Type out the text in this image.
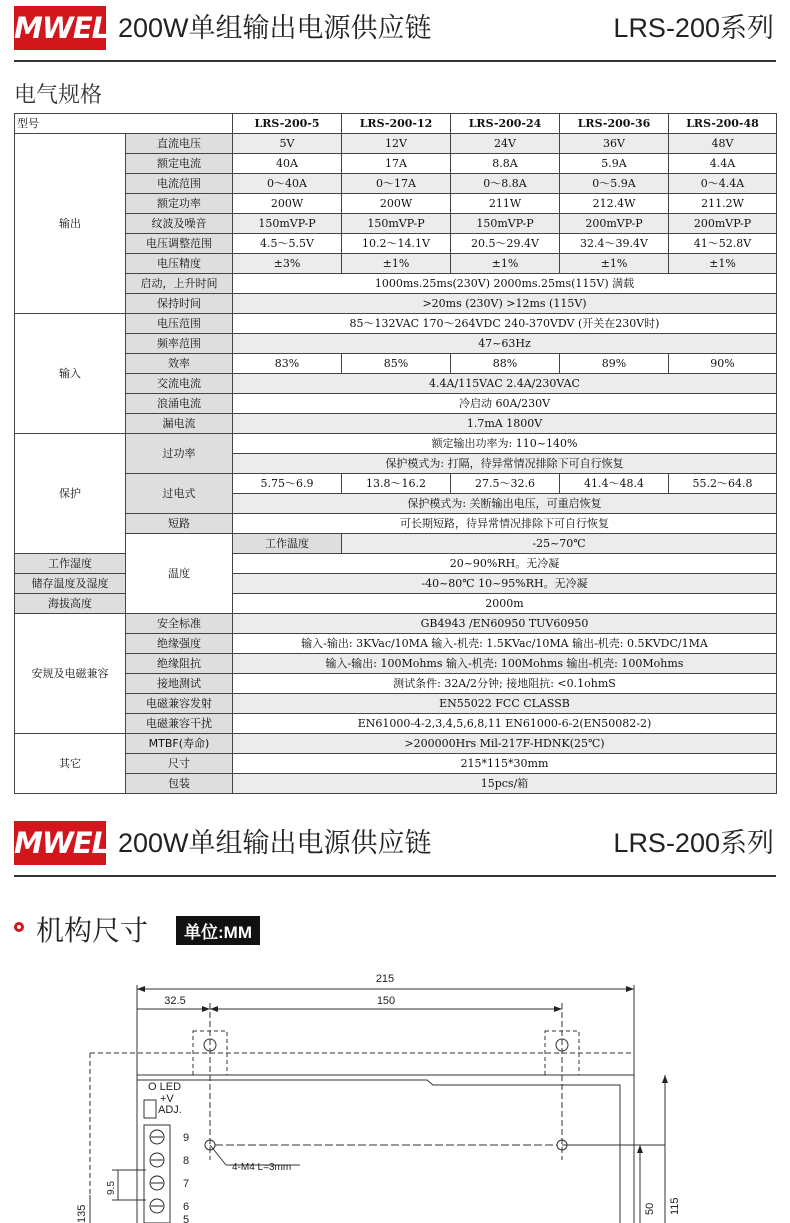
MWEL 200W单组输出电源供应链	LRS-200系列
电气规格
型号		LRS-200-5	LRS-200-12	LRS-200-24	LRS-200-36	LRS-200-48
输出	直流电压	5V	12V	24V	36V	48V
	额定电流	40A	17A	8.8A	5.9A	4.4A
	电流范围	0～40A	0～17A	0～8.8A	0～5.9A	0～4.4A
	额定功率	200W	200W	211W	212.4W	211.2W
	纹波及噪音	150mVP-P	150mVP-P	150mVP-P	200mVP-P	200mVP-P
	电压调整范围	4.5～5.5V	10.2～14.1V	20.5～29.4V	32.4～39.4V	41～52.8V
	电压精度	±3%	±1%	±1%	±1%	±1%
	启动，上升时间	1000ms.25ms(230V) 2000ms.25ms(115V) 满载				
	保持时间	>20ms (230V) >12ms (115V)				
输入	电压范围	85～132VAC 170～264VDC 240-370VDV (开关在230V时)				
	频率范围	47~63Hz				
	效率	83%	85%	88%	89%	90%
	交流电流	4.4A/115VAC 2.4A/230VAC				
	浪涌电流	冷启动 60A/230V				
	漏电流	1.7mA 1800V				
保护	过功率	额定输出功率为: 110~140%				
		保护模式为: 打隔，待异常情况排除下可自行恢复				
	过电式	5.75～6.9	13.8～16.2	27.5～32.6	41.4～48.4	55.2～64.8
		保护模式为: 关断输出电压，可重启恢复				
	短路	可长期短路，待异常情况排除下可自行恢复				
	温度	工作温度	-25~70℃			
工作湿度		20~90%RH。无冷凝				
储存温度及湿度		-40~80℃ 10~95%RH。无冷凝				
海拔高度		2000m				
安规及电磁兼容	安全标准	GB4943 /EN60950 TUV60950				
	绝缘强度	输入-输出: 3KVac/10MA 输入-机壳: 1.5KVac/10MA 输出-机壳: 0.5KVDC/1MA				
	绝缘阻抗	输入-输出: 100Mohms 输入-机壳: 100Mohms 输出-机壳: 100Mohms				
	接地测试	测试条件: 32A/2分钟; 接地阻抗: <0.1ohmS				
	电磁兼容发射	EN55022 FCC CLASSB				
	电磁兼容干扰	EN61000-4-2,3,4,5,6,8,11 EN61000-6-2(EN50082-2)				
其它	MTBF(寿命)	>200000Hrs Mil-217F-HDNK(25℃)				
	尺寸	215*115*30mm				
	包装	15pcs/箱				
MWEL 200W单组输出电源供应链	LRS-200系列
机构尺寸	单位:MM
215
32.5	150
O LED
+V
ADJ.
4-M4 L=3mm
9
8
7
6
5
135
9.5
50 115
